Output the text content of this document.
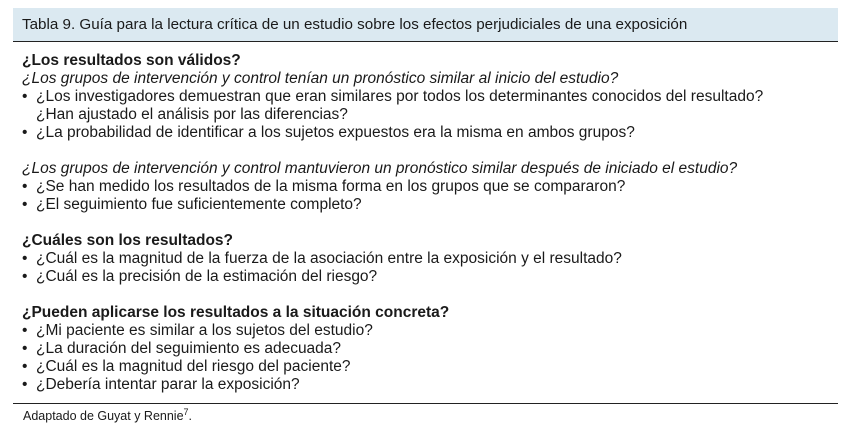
Tabla 9. Guía para la lectura crítica de un estudio sobre los efectos perjudiciales de una exposición
¿Los resultados son válidos?
¿Los grupos de intervención y control tenían un pronóstico similar al inicio del estudio?
• ¿Los investigadores demuestran que eran similares por todos los determinantes conocidos del resultado?
¿Han ajustado el análisis por las diferencias?
• ¿La probabilidad de identificar a los sujetos expuestos era la misma en ambos grupos?
¿Los grupos de intervención y control mantuvieron un pronóstico similar después de iniciado el estudio?
• ¿Se han medido los resultados de la misma forma en los grupos que se compararon?
• ¿El seguimiento fue suficientemente completo?
¿Cuáles son los resultados?
• ¿Cuál es la magnitud de la fuerza de la asociación entre la exposición y el resultado?
• ¿Cuál es la precisión de la estimación del riesgo?
¿Pueden aplicarse los resultados a la situación concreta?
• ¿Mi paciente es similar a los sujetos del estudio?
• ¿La duración del seguimiento es adecuada?
• ¿Cuál es la magnitud del riesgo del paciente?
• ¿Debería intentar parar la exposición?
Adaptado de Guyat y Rennie$^7$.
